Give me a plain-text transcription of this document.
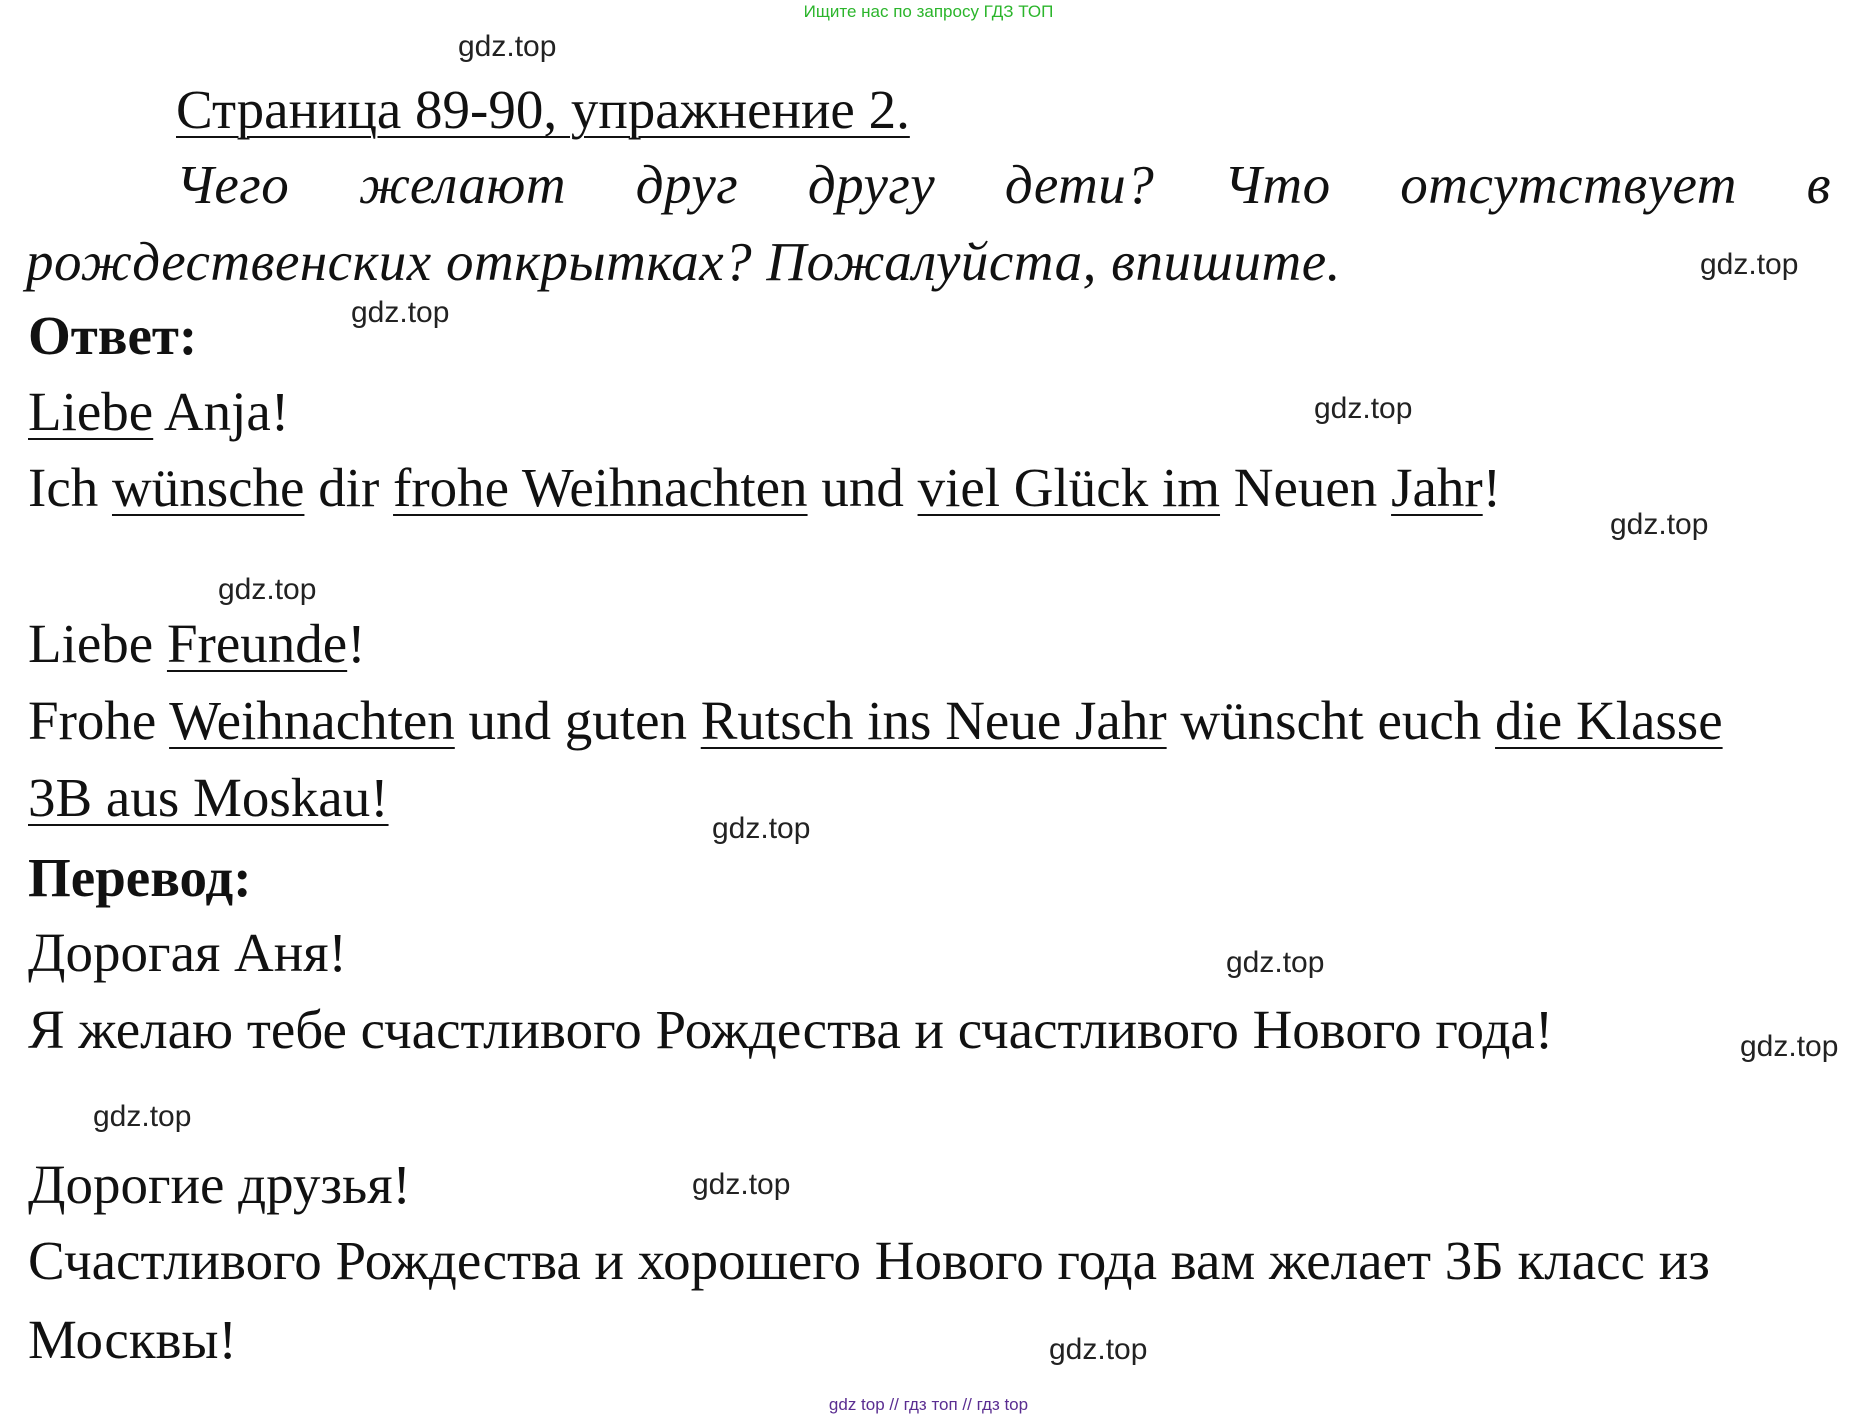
Ищите нас по запросу ГДЗ ТОП
gdz.top
gdz.top
gdz.top
gdz.top
gdz.top
gdz.top
gdz.top
gdz.top
gdz.top
gdz.top
gdz.top
gdz.top
Страница 89-90, упражнение 2.
Чего желают друг другу дети? Что отсутствует в
рождественских открытках? Пожалуйста, впишите.
Ответ:
Liebe Anja!
Ich wünsche dir frohe Weihnachten und viel Glück im Neuen Jahr!
Liebe Freunde!
Frohe Weihnachten und guten Rutsch ins Neue Jahr wünscht euch die Klasse
3B aus Moskau!
Перевод:
Дорогая Аня!
Я желаю тебе счастливого Рождества и счастливого Нового года!
Дорогие друзья!
Счастливого Рождества и хорошего Нового года вам желает 3Б класс из
Москвы!
gdz top // гдз топ // гдз top
